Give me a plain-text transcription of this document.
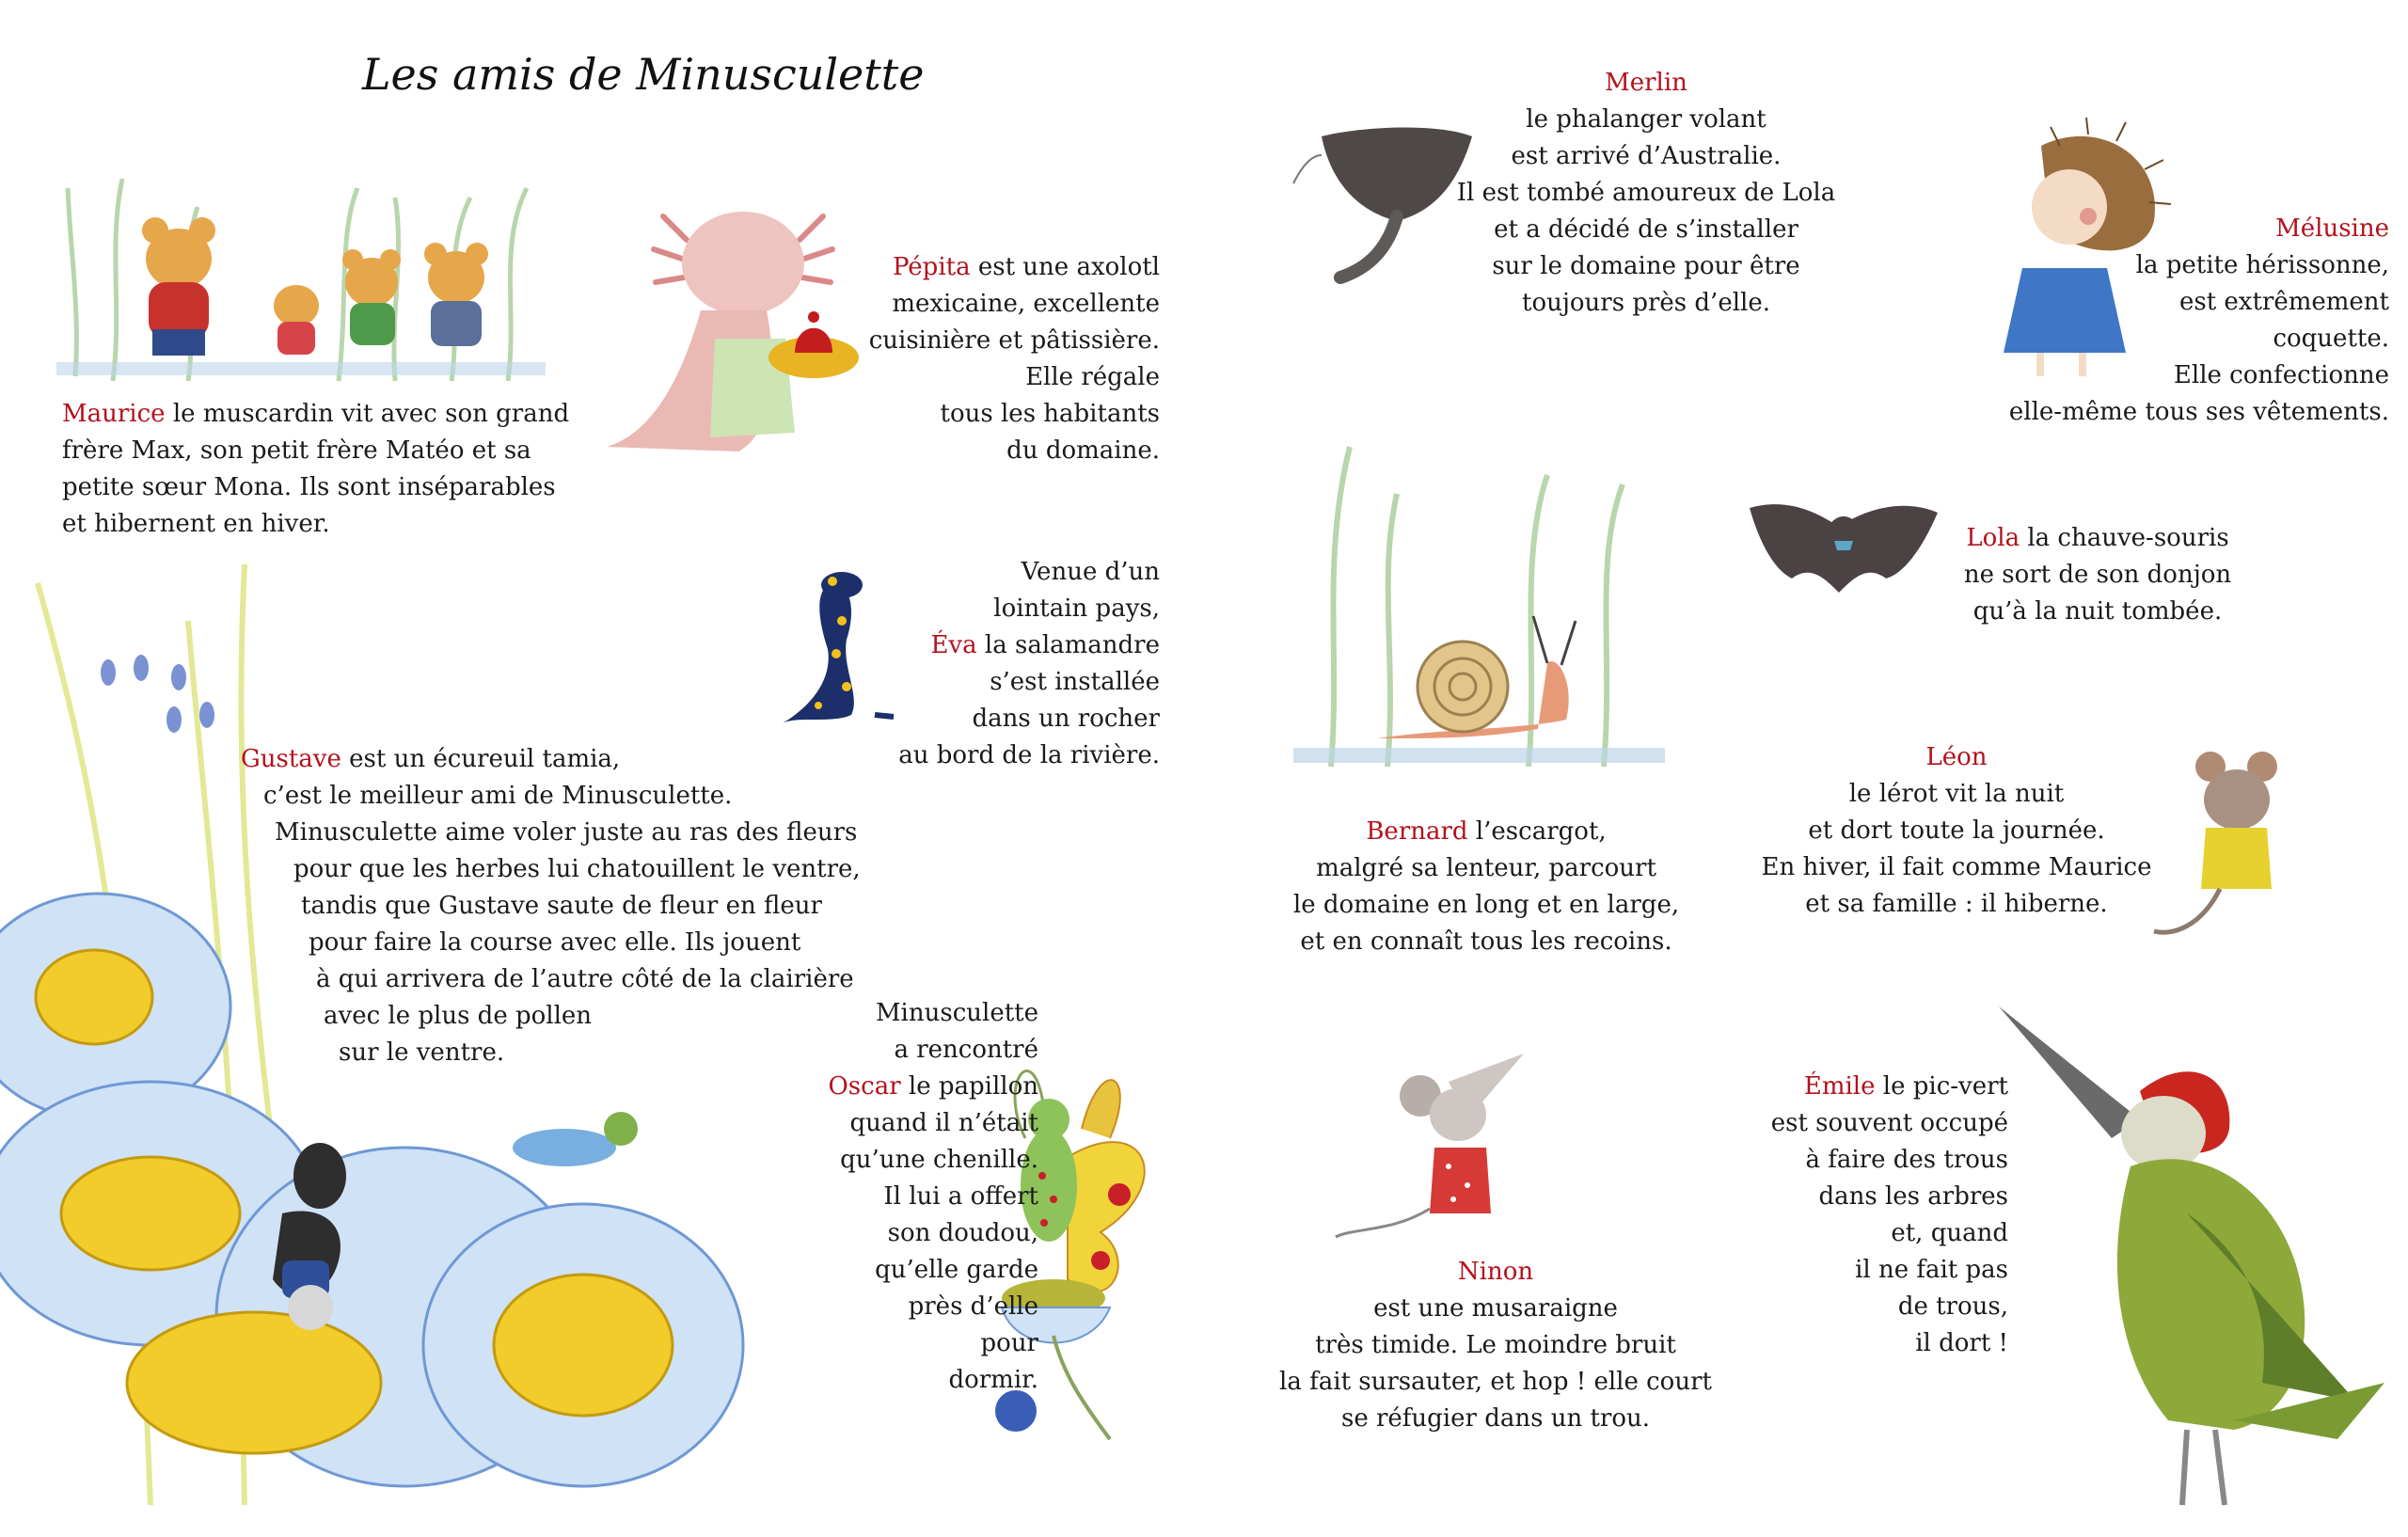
Les amis de Minusculette
Maurice le muscardin vit avec son grand
frère Max, son petit frère Matéo et sa
petite sœur Mona. Ils sont inséparables
et hibernent en hiver.
Pépita est une axolotl
mexicaine, excellente
cuisinière et pâtissière.
Elle régale
tous les habitants
du domaine.
Venue d’un
lointain pays,
Éva la salamandre
s’est installée
dans un rocher
au bord de la rivière.
Gustave est un écureuil tamia,
c’est le meilleur ami de Minusculette.
Minusculette aime voler juste au ras des fleurs
pour que les herbes lui chatouillent le ventre,
tandis que Gustave saute de fleur en fleur
pour faire la course avec elle. Ils jouent
à qui arrivera de l’autre côté de la clairière
avec le plus de pollen
sur le ventre.
Minusculette
a rencontré
Oscar le papillon
quand il n’était
qu’une chenille.
Il lui a offert
son doudou,
qu’elle garde
près d’elle
pour
dormir.
Merlin
le phalanger volant
est arrivé d’Australie.
Il est tombé amoureux de Lola
et a décidé de s’installer
sur le domaine pour être
toujours près d’elle.
Mélusine
la petite hérissonne,
est extrêmement
coquette.
Elle confectionne
elle-même tous ses vêtements.
Lola la chauve-souris
ne sort de son donjon
qu’à la nuit tombée.
Bernard l’escargot,
malgré sa lenteur, parcourt
le domaine en long et en large,
et en connaît tous les recoins.
Léon
le lérot vit la nuit
et dort toute la journée.
En hiver, il fait comme Maurice
et sa famille : il hiberne.
Ninon
est une musaraigne
très timide. Le moindre bruit
la fait sursauter, et hop ! elle court
se réfugier dans un trou.
Émile le pic-vert
est souvent occupé
à faire des trous
dans les arbres
et, quand
il ne fait pas
de trous,
il dort !
